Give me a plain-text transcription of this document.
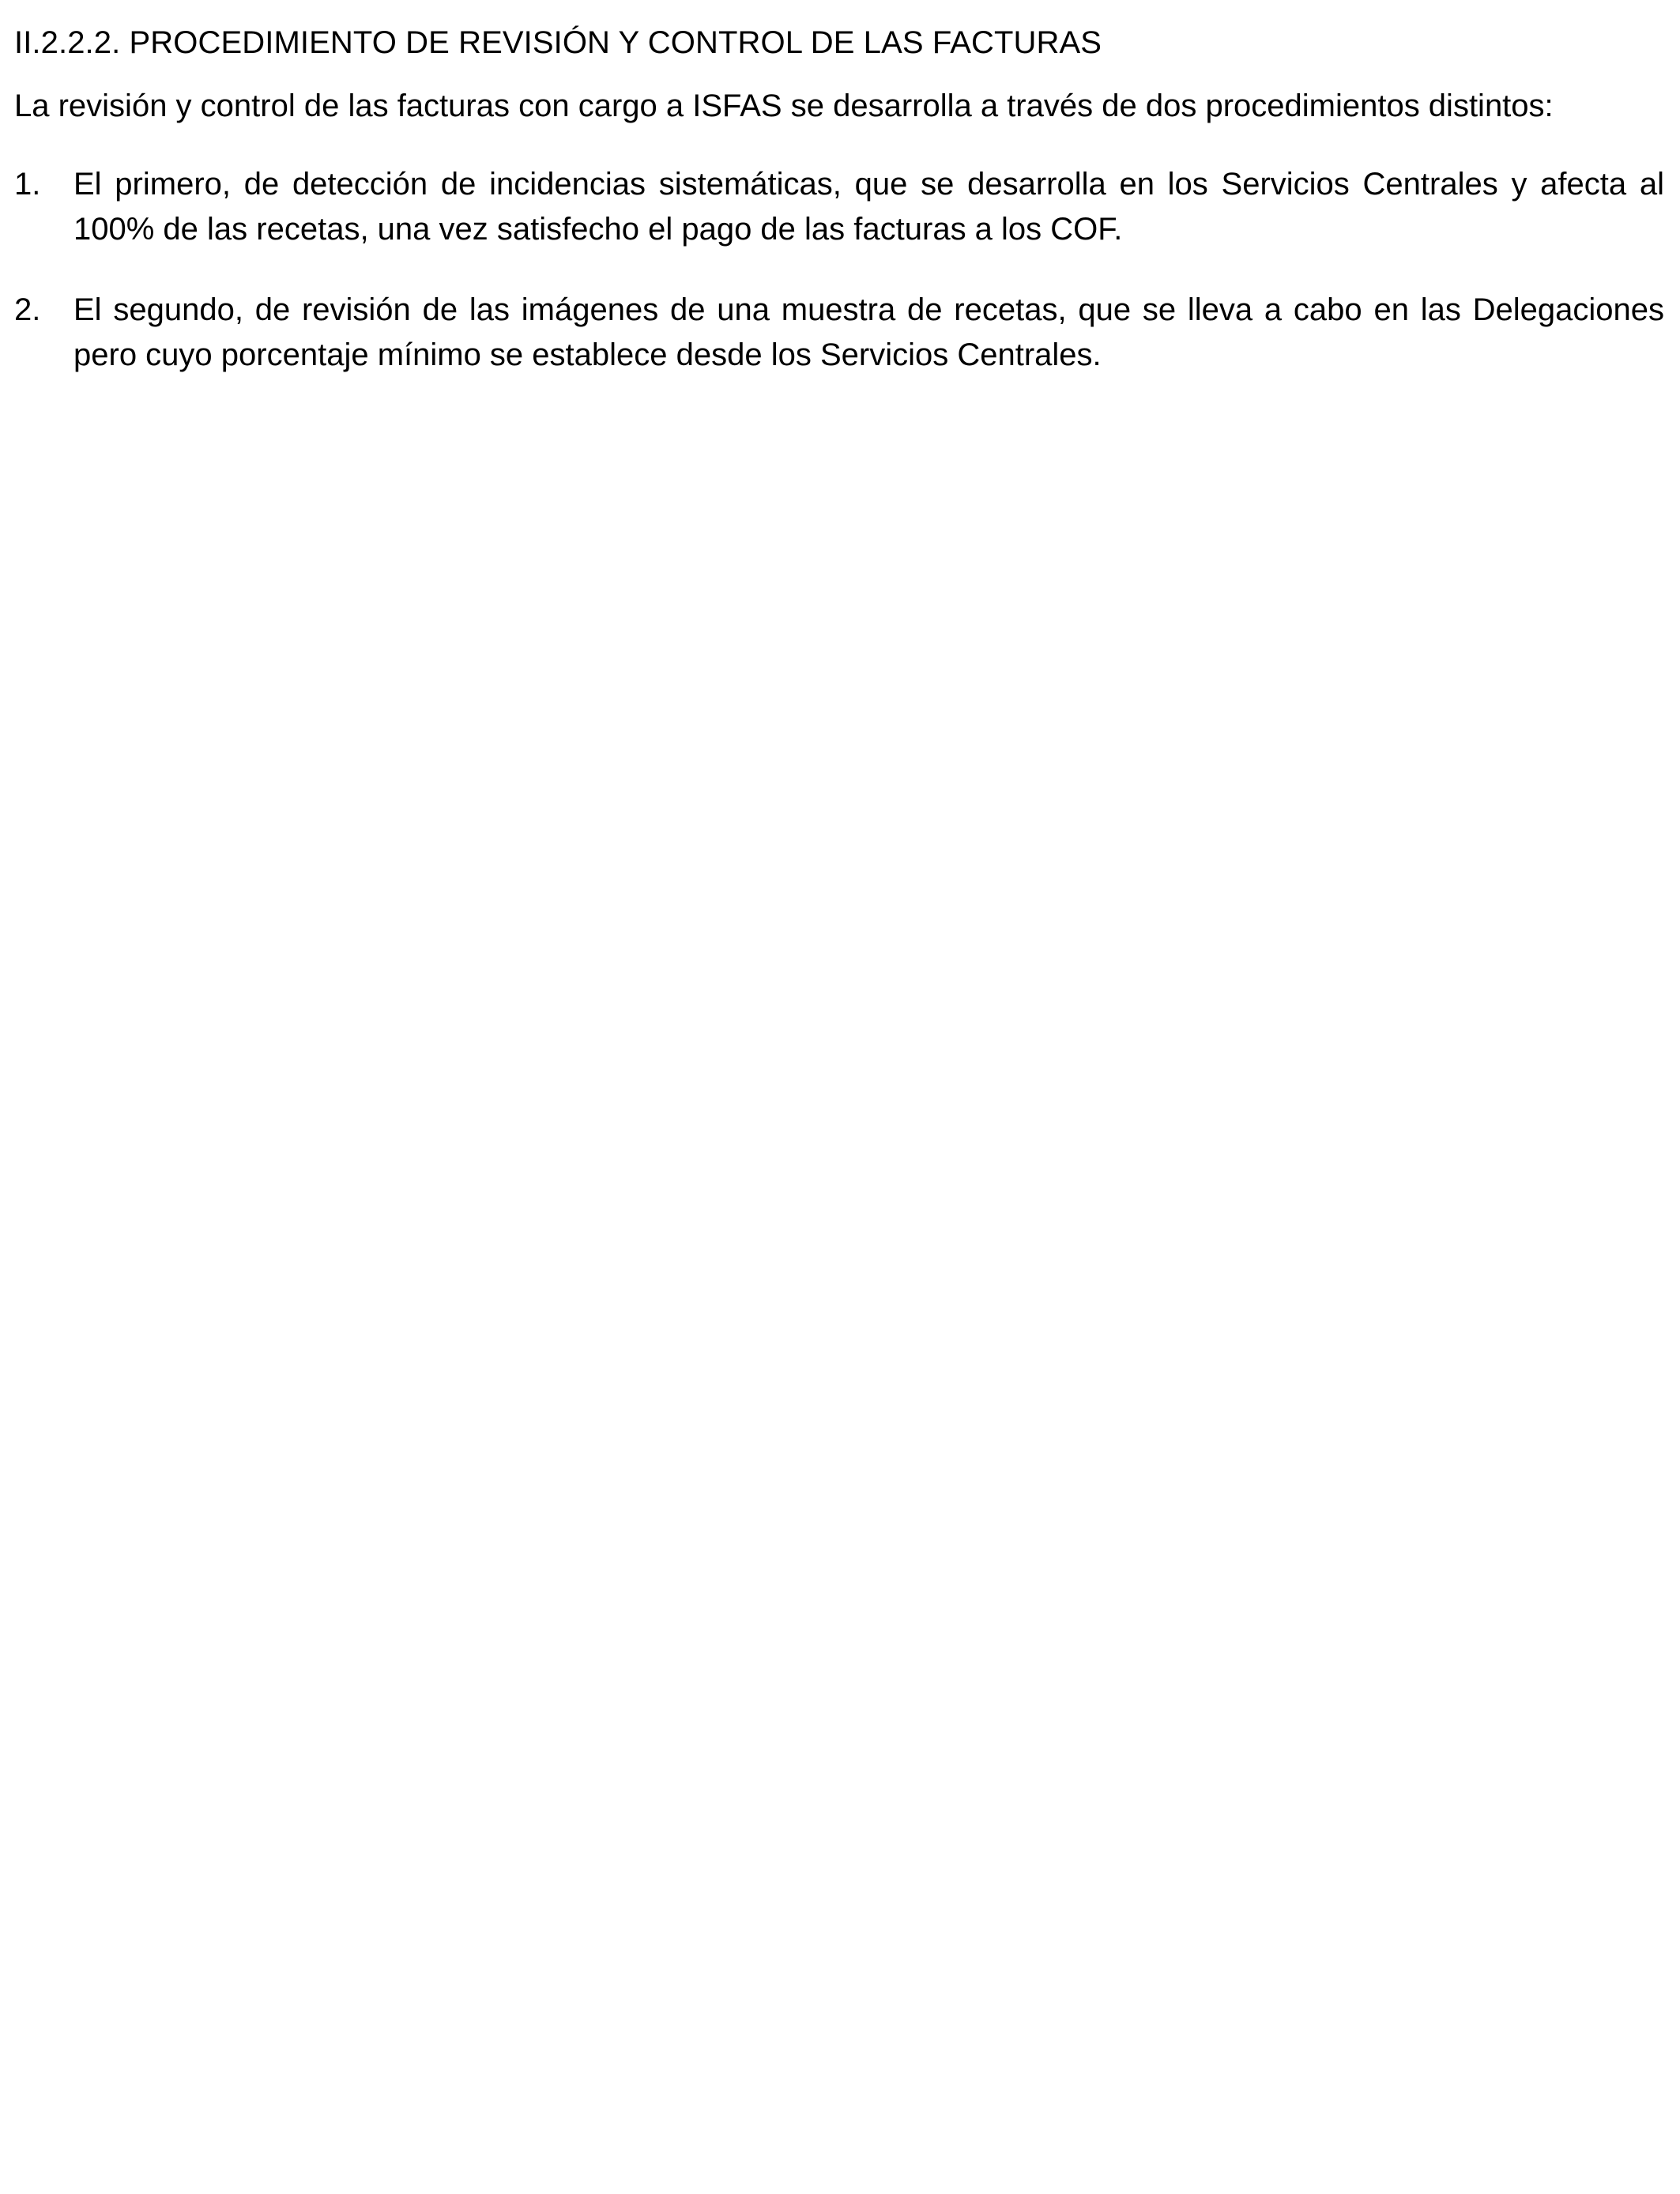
II.2.2.2. PROCEDIMIENTO DE REVISIÓN Y CONTROL DE LAS FACTURAS

La revisión y control de las facturas con cargo a ISFAS se desarrolla a través de dos procedimientos distintos:

1. El primero, de detección de incidencias sistemáticas, que se desarrolla en los Servicios Centrales y afecta al 100% de las recetas, una vez satisfecho el pago de las facturas a los COF.
2. El segundo, de revisión de las imágenes de una muestra de recetas, que se lleva a cabo en las Delegaciones pero cuyo porcentaje mínimo se establece desde los Servicios Centrales.
